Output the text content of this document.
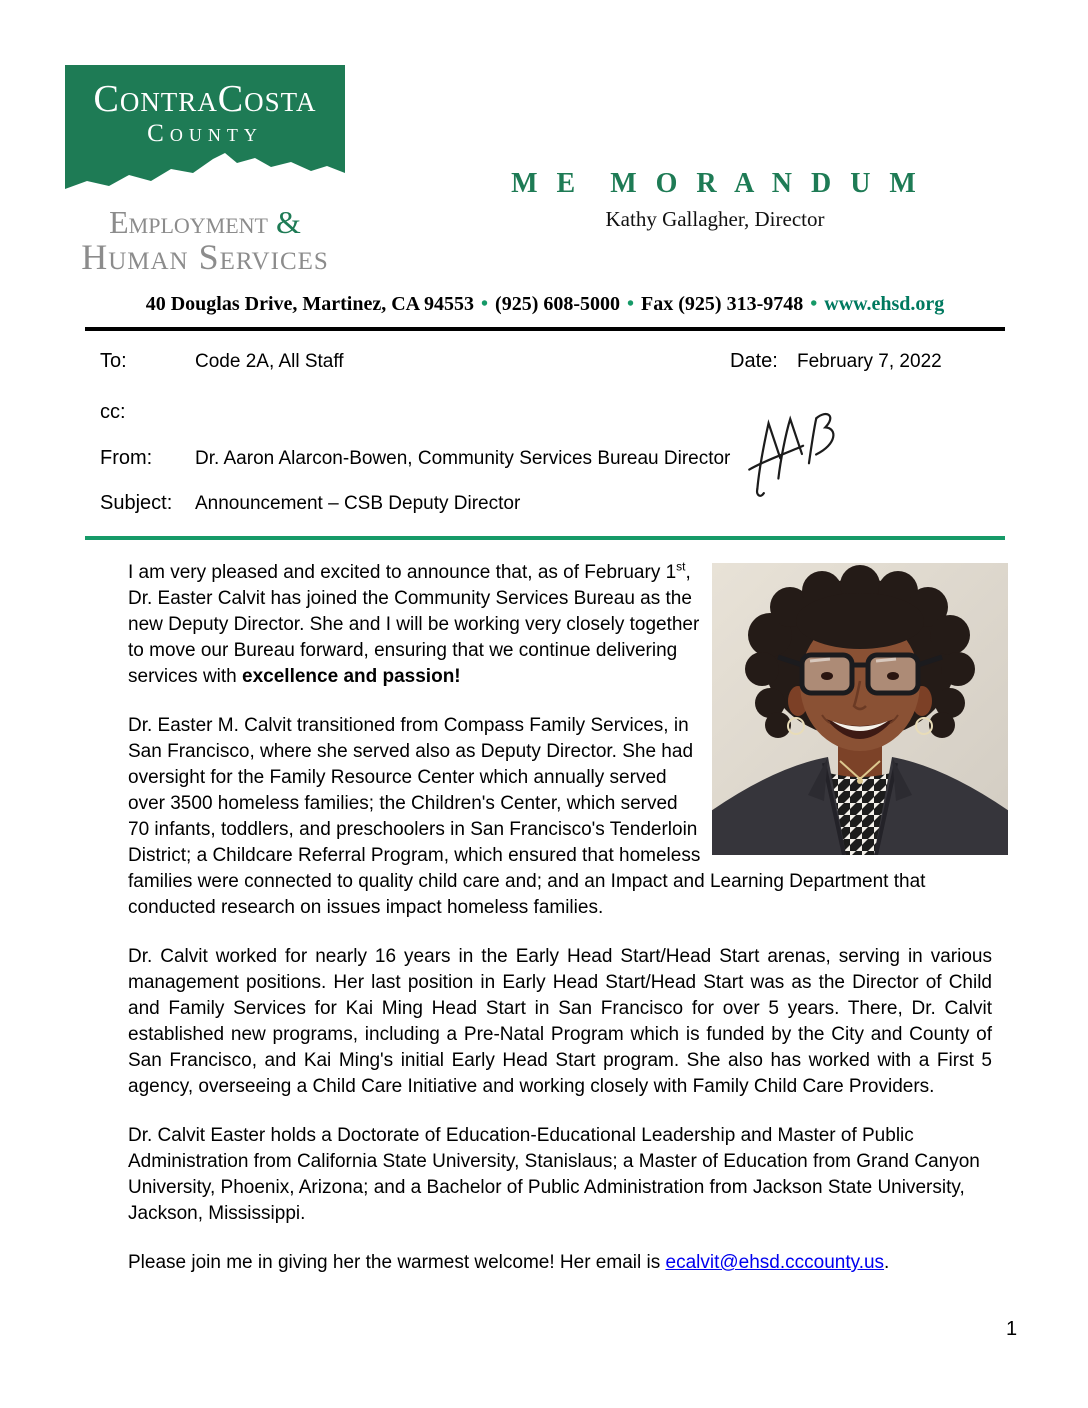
ContraCosta
County
Employment &
Human Services
M E  M O R A N D U M
Kathy Gallagher, Director
40 Douglas Drive, Martinez, CA 94553 • (925) 608-5000 • Fax (925) 313-9748 • www.ehsd.org
To:	Code 2A, All Staff	Date: February 7, 2022
cc:
From: Dr. Aaron Alarcon-Bowen, Community Services Bureau Director
Subject: Announcement – CSB Deputy Director

I am very pleased and excited to announce that, as of February 1st, Dr. Easter Calvit has joined the Community Services Bureau as the new Deputy Director. She and I will be working very closely together to move our Bureau forward, ensuring that we continue delivering services with excellence and passion!

Dr. Easter M. Calvit transitioned from Compass Family Services, in San Francisco, where she served also as Deputy Director. She had oversight for the Family Resource Center which annually served over 3500 homeless families; the Children's Center, which served 70 infants, toddlers, and preschoolers in San Francisco's Tenderloin District; a Childcare Referral Program, which ensured that homeless families were connected to quality child care and; and an Impact and Learning Department that conducted research on issues impact homeless families.

Dr. Calvit worked for nearly 16 years in the Early Head Start/Head Start arenas, serving in various management positions. Her last position in Early Head Start/Head Start was as the Director of Child and Family Services for Kai Ming Head Start in San Francisco for over 5 years. There, Dr. Calvit established new programs, including a Pre-Natal Program which is funded by the City and County of San Francisco, and Kai Ming's initial Early Head Start program. She also has worked with a First 5 agency, overseeing a Child Care Initiative and working closely with Family Child Care Providers.

Dr. Calvit Easter holds a Doctorate of Education-Educational Leadership and Master of Public Administration from California State University, Stanislaus; a Master of Education from Grand Canyon University, Phoenix, Arizona; and a Bachelor of Public Administration from Jackson State University, Jackson, Mississippi.

Please join me in giving her the warmest welcome! Her email is ecalvit@ehsd.cccounty.us.

1
